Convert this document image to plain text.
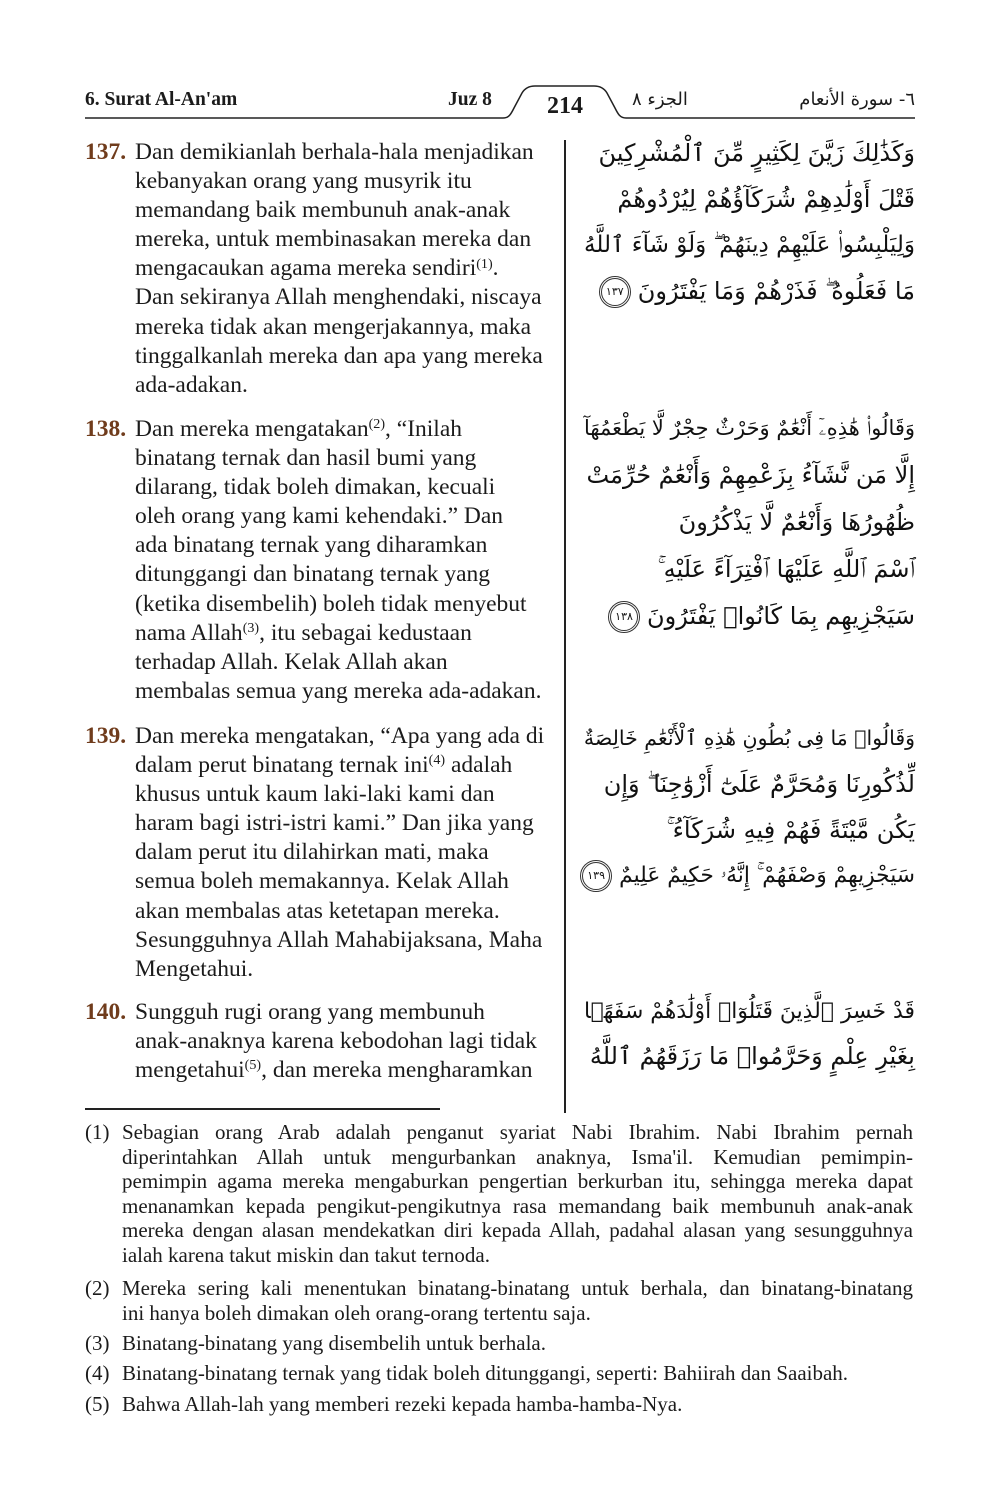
6. Surat Al-An'am	Juz 8	214	الجزء ٨	٦- سورة الأنعام
137. Dan demikianlah berhala-hala menjadikan
kebanyakan orang yang musyrik itu
memandang baik membunuh anak-anak
mereka, untuk membinasakan mereka dan
mengacaukan agama mereka sendiri$^{(1)}$.
Dan sekiranya Allah menghendaki, niscaya
mereka tidak akan mengerjakannya, maka
tinggalkanlah mereka dan apa yang mereka
ada-adakan.
138. Dan mereka mengatakan$^{(2)}$, “Inilah
binatang ternak dan hasil bumi yang
dilarang, tidak boleh dimakan, kecuali
oleh orang yang kami kehendaki.” Dan
ada binatang ternak yang diharamkan
ditunggangi dan binatang ternak yang
(ketika disembelih) boleh tidak menyebut
nama Allah$^{(3)}$, itu sebagai kedustaan
terhadap Allah. Kelak Allah akan
membalas semua yang mereka ada-adakan.
139. Dan mereka mengatakan, “Apa yang ada di
dalam perut binatang ternak ini$^{(4)}$ adalah
khusus untuk kaum laki-laki kami dan
haram bagi istri-istri kami.” Dan jika yang
dalam perut itu dilahirkan mati, maka
semua boleh memakannya. Kelak Allah
akan membalas atas ketetapan mereka.
Sesungguhnya Allah Mahabijaksana, Maha
Mengetahui.
140. Sungguh rugi orang yang membunuh
anak-anaknya karena kebodohan lagi tidak
mengetahui$^{(5)}$, dan mereka mengharamkan
وَكَذَٰلِكَ زَيَّنَ لِكَثِيرٍ مِّنَ ٱلْمُشْرِكِينَ
قَتْلَ أَوْلَٰدِهِمْ شُرَكَآؤُهُمْ لِيُرْدُوهُمْ
وَلِيَلْبِسُوا۟ عَلَيْهِمْ دِينَهُمْ ۖ وَلَوْ شَآءَ ٱللَّهُ
مَا فَعَلُوهُ ۖ فَذَرْهُمْ وَمَا يَفْتَرُونَ١٣٧
وَقَالُوا۟ هَٰذِهِۦٓ أَنْعَٰمٌ وَحَرْثٌ حِجْرٌ لَّا يَطْعَمُهَآ
إِلَّا مَن نَّشَآءُ بِزَعْمِهِمْ وَأَنْعَٰمٌ حُرِّمَتْ
ظُهُورُهَا وَأَنْعَٰمٌ لَّا يَذْكُرُونَ
ٱسْمَ ٱللَّهِ عَلَيْهَا ٱفْتِرَآءً عَلَيْهِ ۚ
سَيَجْزِيهِم بِمَا كَانُوا۟ يَفْتَرُونَ١٣٨
وَقَالُوا۟ مَا فِى بُطُونِ هَٰذِهِ ٱلْأَنْعَٰمِ خَالِصَةٌ
لِّذُكُورِنَا وَمُحَرَّمٌ عَلَىٰٓ أَزْوَٰجِنَا ۖ وَإِن
يَكُن مَّيْتَةً فَهُمْ فِيهِ شُرَكَآءُ ۚ
سَيَجْزِيهِمْ وَصْفَهُمْ ۚ إِنَّهُۥ حَكِيمٌ عَلِيمٌ١٣٩
قَدْ خَسِرَ ٱلَّذِينَ قَتَلُوٓا۟ أَوْلَٰدَهُمْ سَفَهًۢا
بِغَيْرِ عِلْمٍ وَحَرَّمُوا۟ مَا رَزَقَهُمُ ٱللَّهُ
(1) Sebagian orang Arab adalah penganut syariat Nabi Ibrahim. Nabi Ibrahim pernah
diperintahkan Allah untuk mengurbankan anaknya, Isma'il. Kemudian pemimpin-
pemimpin agama mereka mengaburkan pengertian berkurban itu, sehingga mereka dapat
menanamkan kepada pengikut-pengikutnya rasa memandang baik membunuh anak-anak
mereka dengan alasan mendekatkan diri kepada Allah, padahal alasan yang sesungguhnya
ialah karena takut miskin dan takut ternoda.
(2) Mereka sering kali menentukan binatang-binatang untuk berhala, dan binatang-binatang
ini hanya boleh dimakan oleh orang-orang tertentu saja.
(3) Binatang-binatang yang disembelih untuk berhala.
(4) Binatang-binatang ternak yang tidak boleh ditunggangi, seperti: Bahiirah dan Saaibah.
(5) Bahwa Allah-lah yang memberi rezeki kepada hamba-hamba-Nya.
